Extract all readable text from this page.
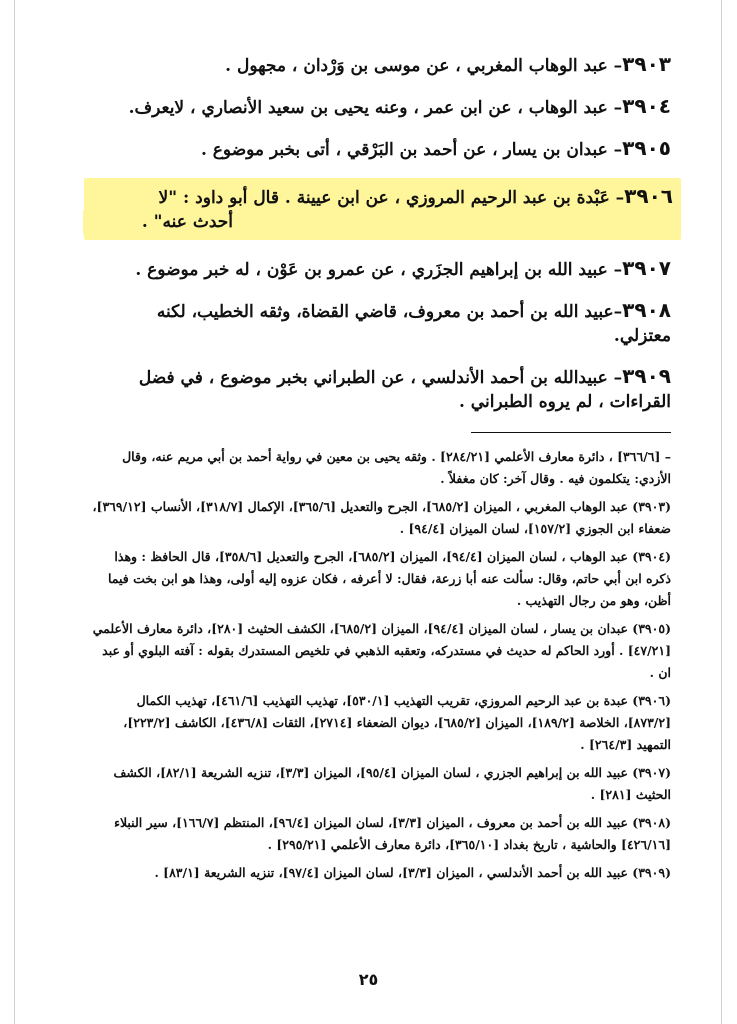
٣٩٠٣– عبد الوهاب المغربي ، عن موسى بن وَرْدان ، مجهول .

٣٩٠٤– عبد الوهاب ، عن ابن عمر ، وعنه يحيى بن سعيد الأنصاري ، لايعرف.

٣٩٠٥– عبدان بن يسار ، عن أحمد بن البَرْقي ، أتى بخبر موضوع .

٣٩٠٦– عَبْدة بن عبد الرحيم المروزي ، عن ابن عيينة . قال أبو داود : "لا
أحدث عنه" .

٣٩٠٧– عبيد الله بن إبراهيم الجزَري ، عن عمرو بن عَوْن ، له خبر موضوع .

٣٩٠٨–عبيد الله بن أحمد بن معروف، قاضي القضاة، وثقه الخطيب، لكنه معتزلي.

٣٩٠٩– عبيدالله بن أحمد الأندلسي ، عن الطبراني بخبر موضوع ، في فضل القراءات ، لم يروه الطبراني .

– [٣٦٦/٦] ، دائرة معارف الأعلمي [٢٨٤/٢١] . وثقه يحيى بن معين في رواية أحمد بن أبي مريم عنه، وقال الأزدي: يتكلمون فيه . وقال آخر: كان مغفلاً .

(٣٩٠٣) عبد الوهاب المغربي ، الميزان [٦٨٥/٢]، الجرح والتعديل [٣٦٥/٦]، الإكمال [٣١٨/٧]، الأنساب [٣٦٩/١٢]، ضعفاء ابن الجوزي [١٥٧/٢]، لسان الميزان [٩٤/٤] .

(٣٩٠٤) عبد الوهاب ، لسان الميزان [٩٤/٤]، الميزان [٦٨٥/٢]، الجرح والتعديل [٣٥٨/٦]، قال الحافظ : وهذا ذكره ابن أبي حاتم، وقال: سألت عنه أبا زرعة، فقال: لا أعرفه ، فكان عزوه إليه أولى، وهذا هو ابن بخت فيما أظن، وهو من رجال التهذيب .

(٣٩٠٥) عبدان بن يسار ، لسان الميزان [٩٤/٤]، الميزان [٦٨٥/٢]، الكشف الحثيث [٢٨٠]، دائرة معارف الأعلمي [٤٧/٢١] . أورد الحاكم له حديث في مستدركه، وتعقبه الذهبي في تلخيص المستدرك بقوله : آفته البلوي أو عبد ان .

(٣٩٠٦) عبدة بن عبد الرحيم المروزي، تقريب التهذيب [٥٣٠/١]، تهذيب التهذيب [٤٦١/٦]، تهذيب الكمال [٨٧٣/٢]، الخلاصة [١٨٩/٢]، الميزان [٦٨٥/٢]، ديوان الضعفاء [٢٧١٤]، الثقات [٤٣٦/٨]، الكاشف [٢٢٣/٢]، التمهيد [٢٦٤/٣] .

(٣٩٠٧) عبيد الله بن إبراهيم الجزري ، لسان الميزان [٩٥/٤]، الميزان [٣/٣]، تنزيه الشريعة [٨٢/١]، الكشف الحثيث [٢٨١] .

(٣٩٠٨) عبيد الله بن أحمد بن معروف ، الميزان [٣/٣]، لسان الميزان [٩٦/٤]، المنتظم [١٦٦/٧]، سير النبلاء [٤٢٦/١٦] والحاشية ، تاريخ بغداد [٣٦٥/١٠]، دائرة معارف الأعلمي [٢٩٥/٢١] .

(٣٩٠٩) عبيد الله بن أحمد الأندلسي ، الميزان [٣/٣]، لسان الميزان [٩٧/٤]، تنزيه الشريعة [٨٣/١] .

٢٥
